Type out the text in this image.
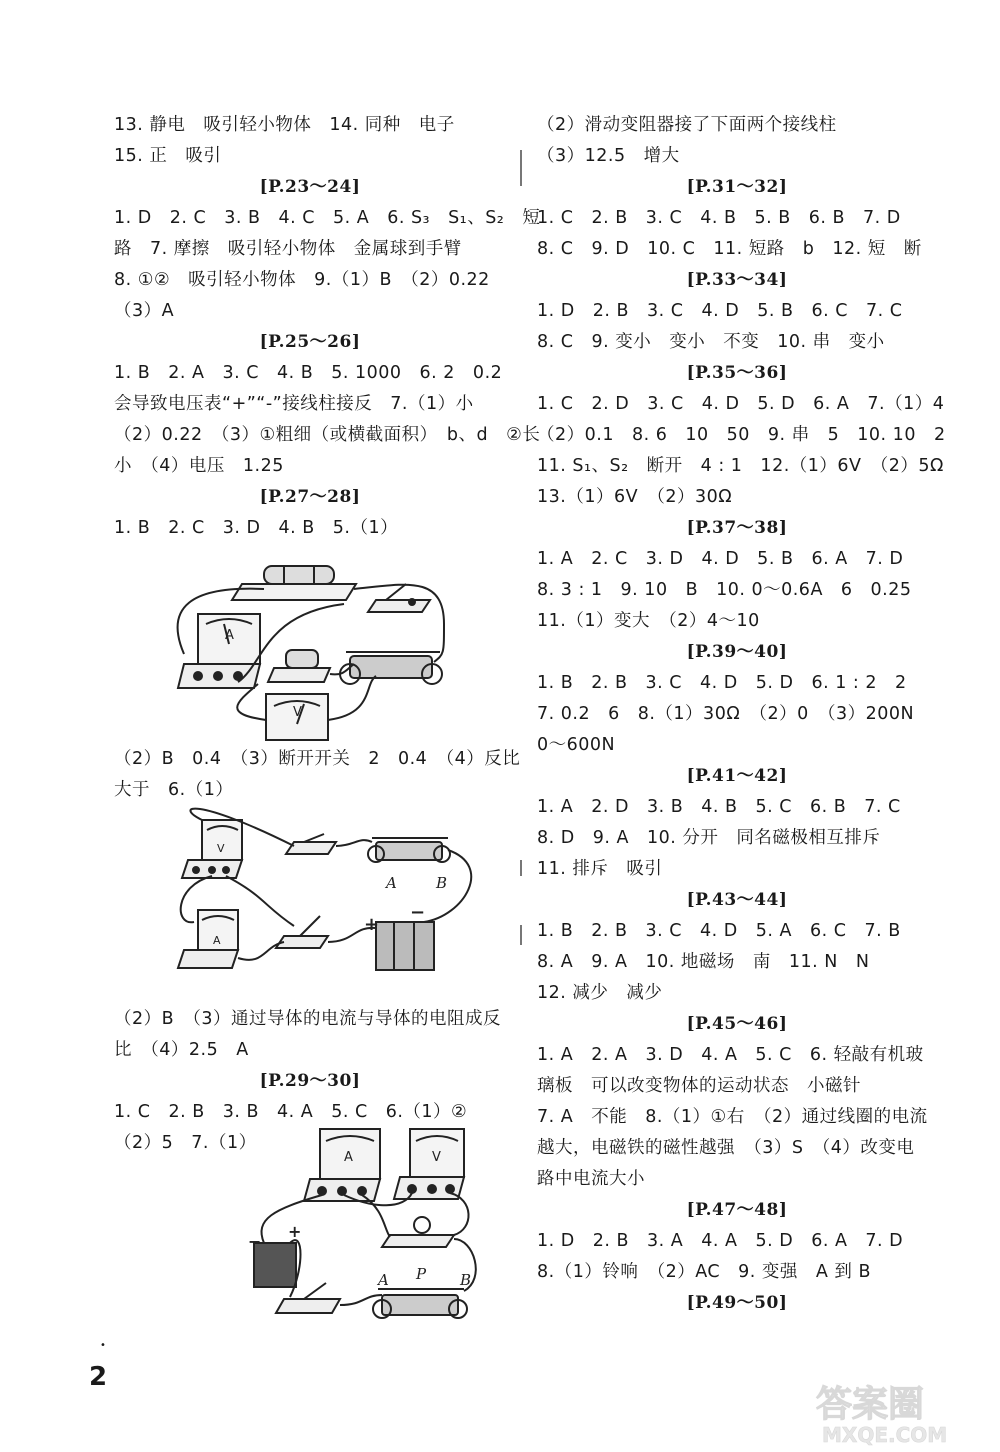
13. 静电　吸引轻小物体　14. 同种　电子
15. 正　吸引
[P.23～24]
1. D　2. C　3. B　4. C　5. A　6. S₃　S₁、S₂　短
路　7. 摩擦　吸引轻小物体　金属球到手臂
8. ①②　吸引轻小物体　9.（1）B　（2）0.22
（3）A
[P.25～26]
1. B　2. A　3. C　4. B　5. 1000　6. 2　0.2
会导致电压表“+”“-”接线柱接反　7.（1）小
（2）0.22　（3）①粗细（或横截面积）　b、d　②长
小　（4）电压　1.25
[P.27～28]
1. B　2. C　3. D　4. B　5.（1）
A
V
（2）B　0.4　（3）断开开关　2　0.4　（4）反比
大于　6.（1）
V
A
A	B
+
−
（2）B　（3）通过导体的电流与导体的电阻成反
比　（4）2.5　A
[P.29～30]
1. C　2. B　3. B　4. A　5. C　6.（1）②
（2）5　7.（1）
A	V
−
+
A P B
（2）滑动变阻器接了下面两个接线柱
（3）12.5　增大
[P.31～32]
1. C　2. B　3. C　4. B　5. B　6. B　7. D
8. C　9. D　10. C　11. 短路　b　12. 短　断
[P.33～34]
1. D　2. B　3. C　4. D　5. B　6. C　7. C
8. C　9. 变小　变小　不变　10. 串　变小
[P.35～36]
1. C　2. D　3. C　4. D　5. D　6. A　7.（1）4
（2）0.1　8. 6　10　50　9. 串　5　10. 10　2
11. S₁、S₂　断开　4 : 1　12.（1）6V　（2）5Ω
13.（1）6V　（2）30Ω
[P.37～38]
1. A　2. C　3. D　4. D　5. B　6. A　7. D
8. 3 : 1　9. 10　B　10. 0～0.6A　6　0.25
11.（1）变大　（2）4～10
[P.39～40]
1. B　2. B　3. C　4. D　5. D　6. 1 : 2　2
7. 0.2　6　8.（1）30Ω　（2）0　（3）200N
0～600N
[P.41～42]
1. A　2. D　3. B　4. B　5. C　6. B　7. C
8. D　9. A　10. 分开　同名磁极相互排斥
11. 排斥　吸引
[P.43～44]
1. B　2. B　3. C　4. D　5. A　6. C　7. B
8. A　9. A　10. 地磁场　南　11. N　N
12. 减少　减少
[P.45～46]
1. A　2. A　3. D　4. A　5. C　6. 轻敲有机玻
璃板　可以改变物体的运动状态　小磁针
7. A　不能　8.（1）①右　（2）通过线圈的电流
越大，电磁铁的磁性越强　（3）S　（4）改变电
路中电流大小
[P.47～48]
1. D　2. B　3. A　4. A　5. D　6. A　7. D
8.（1）铃响　（2）AC　9. 变强　A 到 B
[P.49～50]
•
2
答案圈
MXQE.COM
